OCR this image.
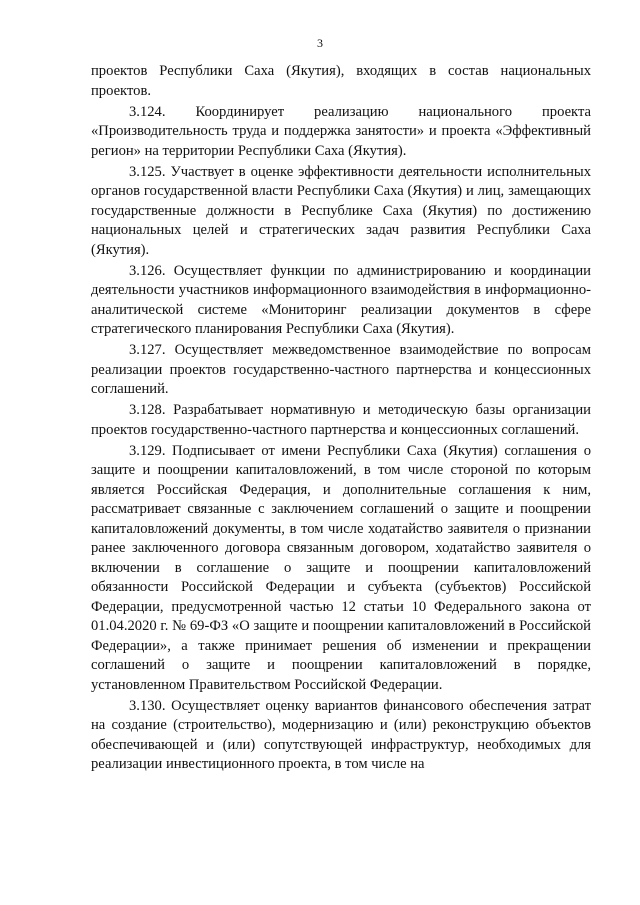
3

проектов Республики Саха (Якутия), входящих в состав национальных проектов.

3.124. Координирует реализацию национального проекта «Производительность труда и поддержка занятости» и проекта «Эффективный регион» на территории Республики Саха (Якутия).

3.125. Участвует в оценке эффективности деятельности исполнительных органов государственной власти Республики Саха (Якутия) и лиц, замещающих государственные должности в Республике Саха (Якутия) по достижению национальных целей и стратегических задач развития Республики Саха (Якутия).

3.126. Осуществляет функции по администрированию и координации деятельности участников информационного взаимодействия в информационно-аналитической системе «Мониторинг реализации документов в сфере стратегического планирования Республики Саха (Якутия).

3.127. Осуществляет межведомственное взаимодействие по вопросам реализации проектов государственно-частного партнерства и концессионных соглашений.

3.128. Разрабатывает нормативную и методическую базы организации проектов государственно-частного партнерства и концессионных соглашений.

3.129. Подписывает от имени Республики Саха (Якутия) соглашения о защите и поощрении капиталовложений, в том числе стороной по которым является Российская Федерация, и дополнительные соглашения к ним, рассматривает связанные с заключением соглашений о защите и поощрении капиталовложений документы, в том числе ходатайство заявителя о признании ранее заключенного договора связанным договором, ходатайство заявителя о включении в соглашение о защите и поощрении капиталовложений обязанности Российской Федерации и субъекта (субъектов) Российской Федерации, предусмотренной частью 12 статьи 10 Федерального закона от 01.04.2020 г. № 69-ФЗ «О защите и поощрении капиталовложений в Российской Федерации», а также принимает решения об изменении и прекращении соглашений о защите и поощрении капиталовложений в порядке, установленном Правительством Российской Федерации.

3.130. Осуществляет оценку вариантов финансового обеспечения затрат на создание (строительство), модернизацию и (или) реконструкцию объектов обеспечивающей и (или) сопутствующей инфраструктур, необходимых для реализации инвестиционного проекта, в том числе на
